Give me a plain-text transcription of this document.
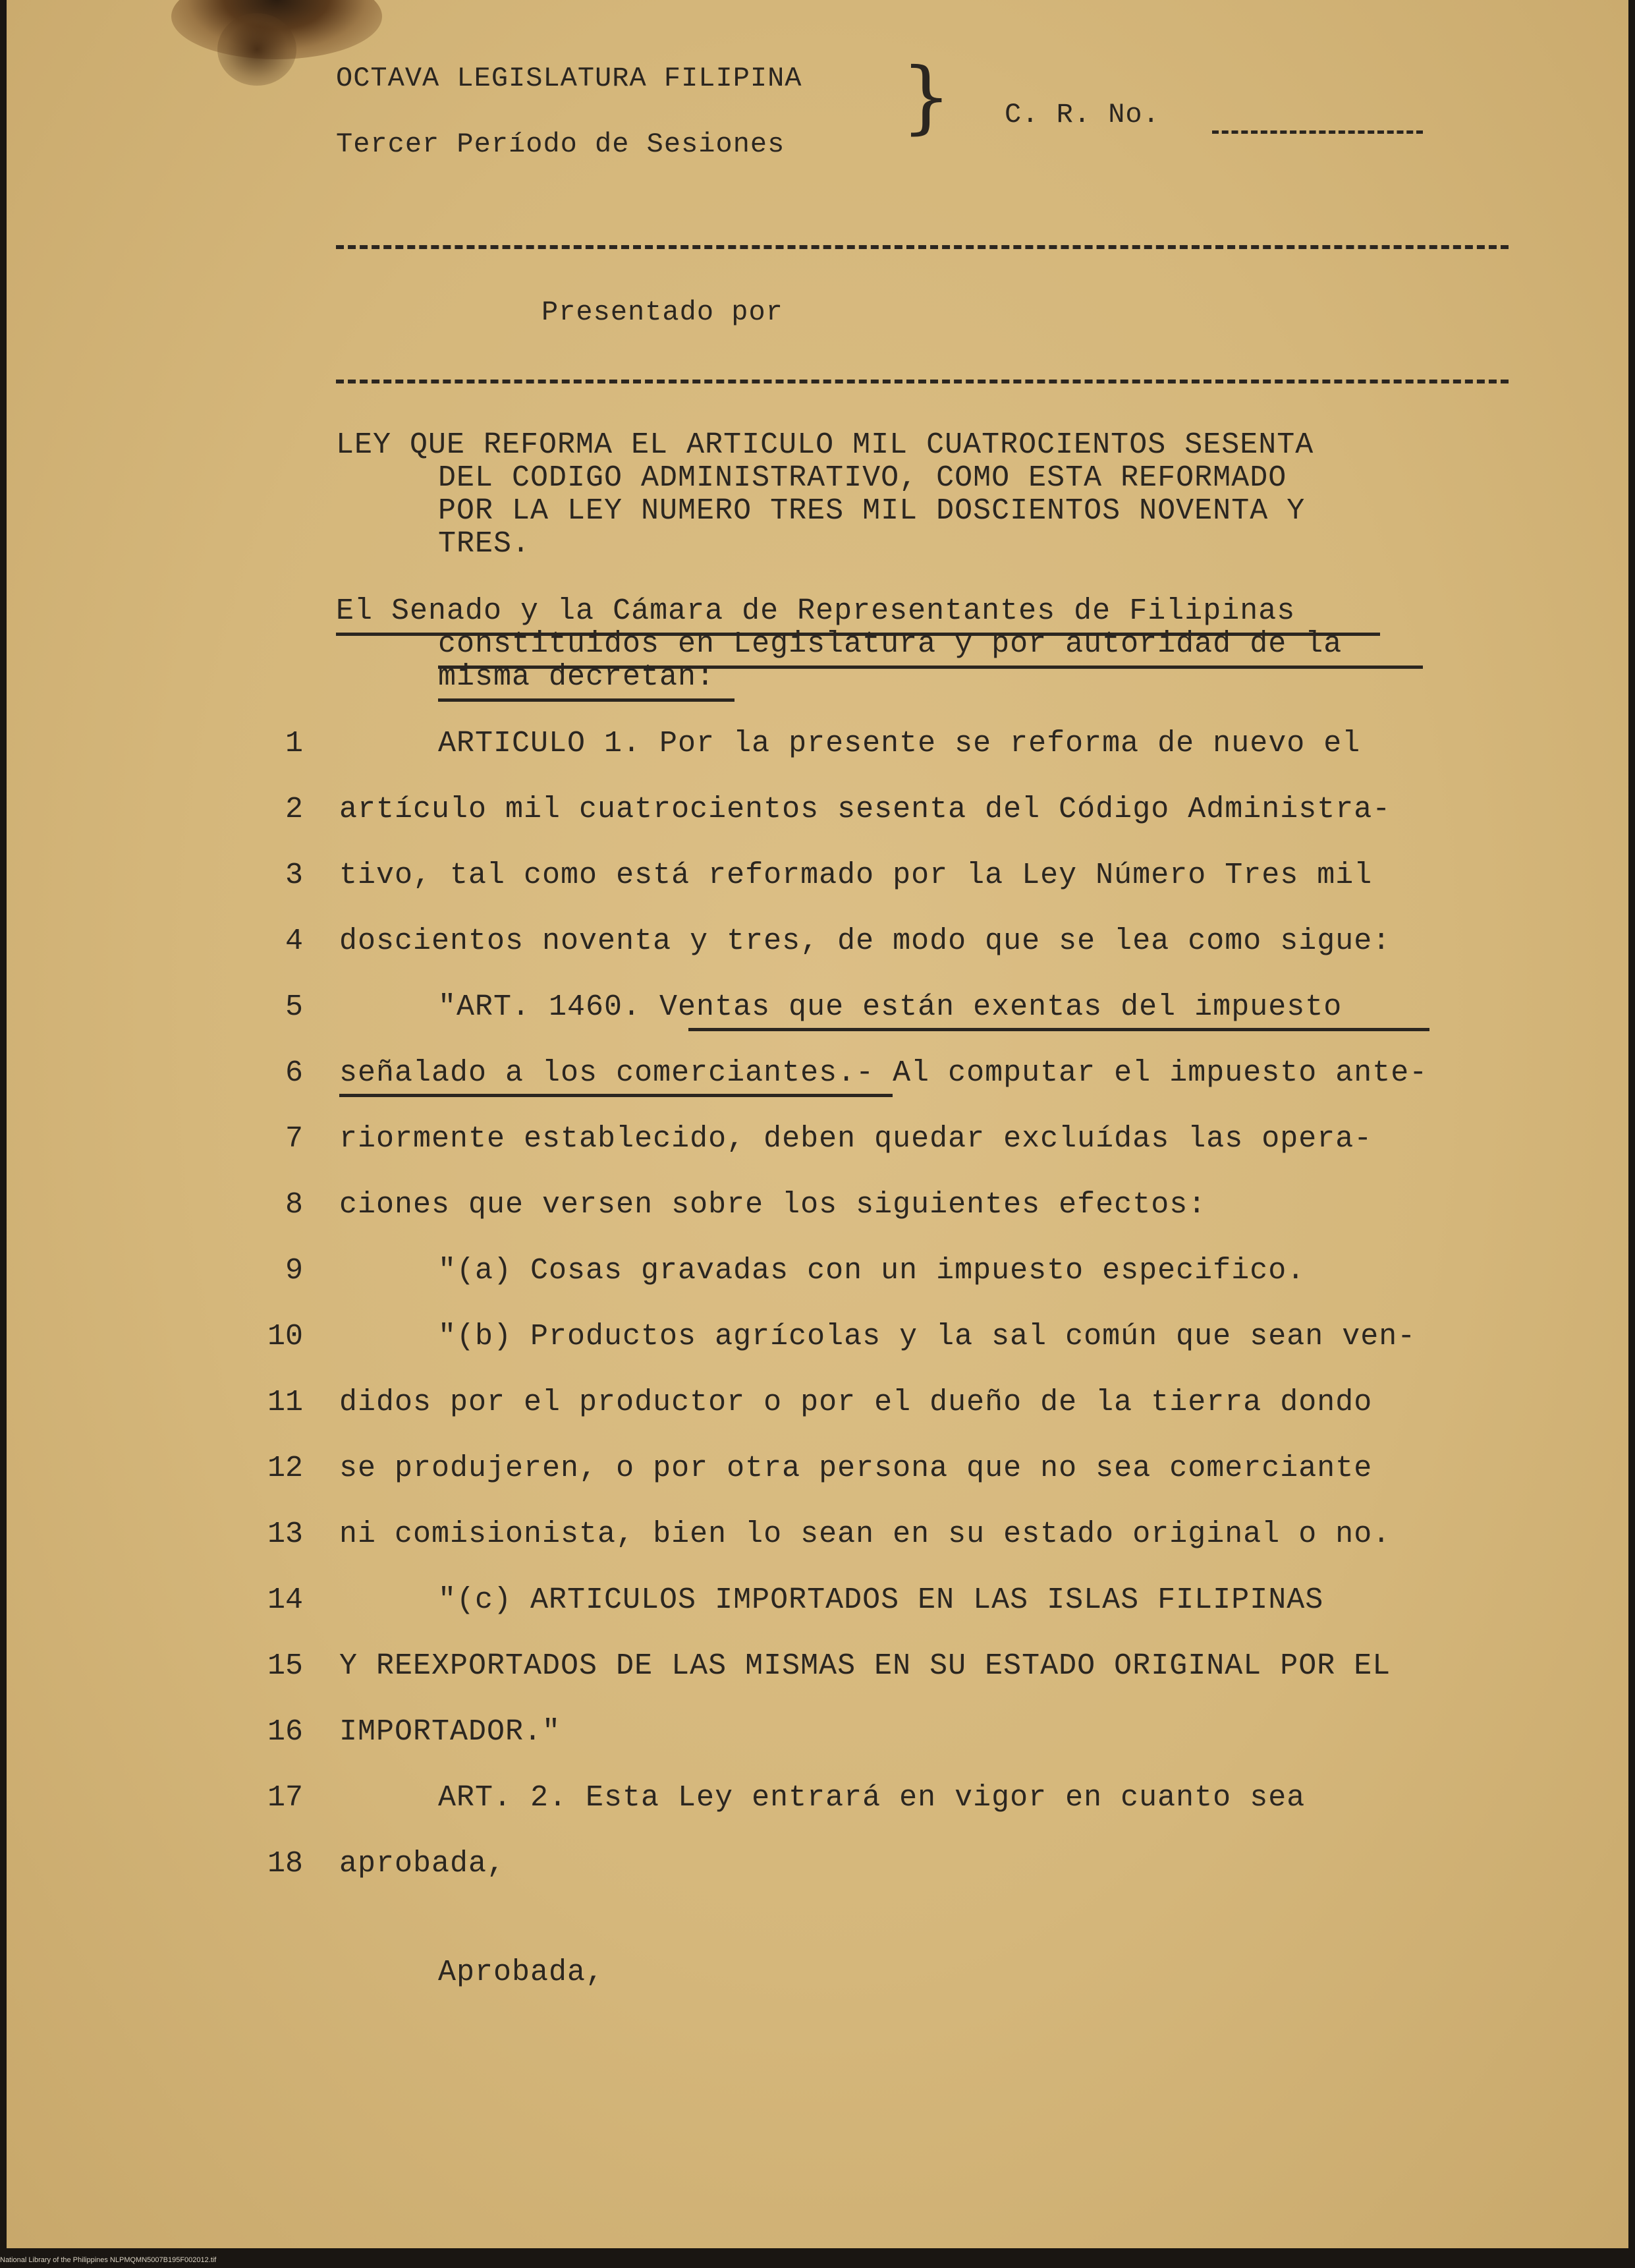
OCTAVA LEGISLATURA FILIPINA
Tercer Período de Sesiones
} C. R. No.
Presentado por
LEY QUE REFORMA EL ARTICULO MIL CUATROCIENTOS SESENTA
DEL CODIGO ADMINISTRATIVO, COMO ESTA REFORMADO
POR LA LEY NUMERO TRES MIL DOSCIENTOS NOVENTA Y
TRES.
El Senado y la Cámara de Representantes de Filipinas
constituidos en Legislatura y por autoridad de la
misma decretan:
1	ARTICULO 1. Por la presente se reforma de nuevo el
2 artículo mil cuatrocientos sesenta del Código Administra-
3 tivo, tal como está reformado por la Ley Número Tres mil
4 doscientos noventa y tres, de modo que se lea como sigue:
5	"ART. 1460. Ventas que están exentas del impuesto
6 señalado a los comerciantes.- Al computar el impuesto ante-
7 riormente establecido, deben quedar excluídas las opera-
8 ciones que versen sobre los siguientes efectos:
9	"(a) Cosas gravadas con un impuesto especifico.
10	"(b) Productos agrícolas y la sal común que sean ven-
11 didos por el productor o por el dueño de la tierra dondo
12 se produjeren, o por otra persona que no sea comerciante
13 ni comisionista, bien lo sean en su estado original o no.
14	"(c) ARTICULOS IMPORTADOS EN LAS ISLAS FILIPINAS
15 Y REEXPORTADOS DE LAS MISMAS EN SU ESTADO ORIGINAL POR EL
16 IMPORTADOR."
17	ART. 2. Esta Ley entrará en vigor en cuanto sea
18 aprobada,
Aprobada,
National Library of the Philippines NLPMQMN5007B195F002012.tif
